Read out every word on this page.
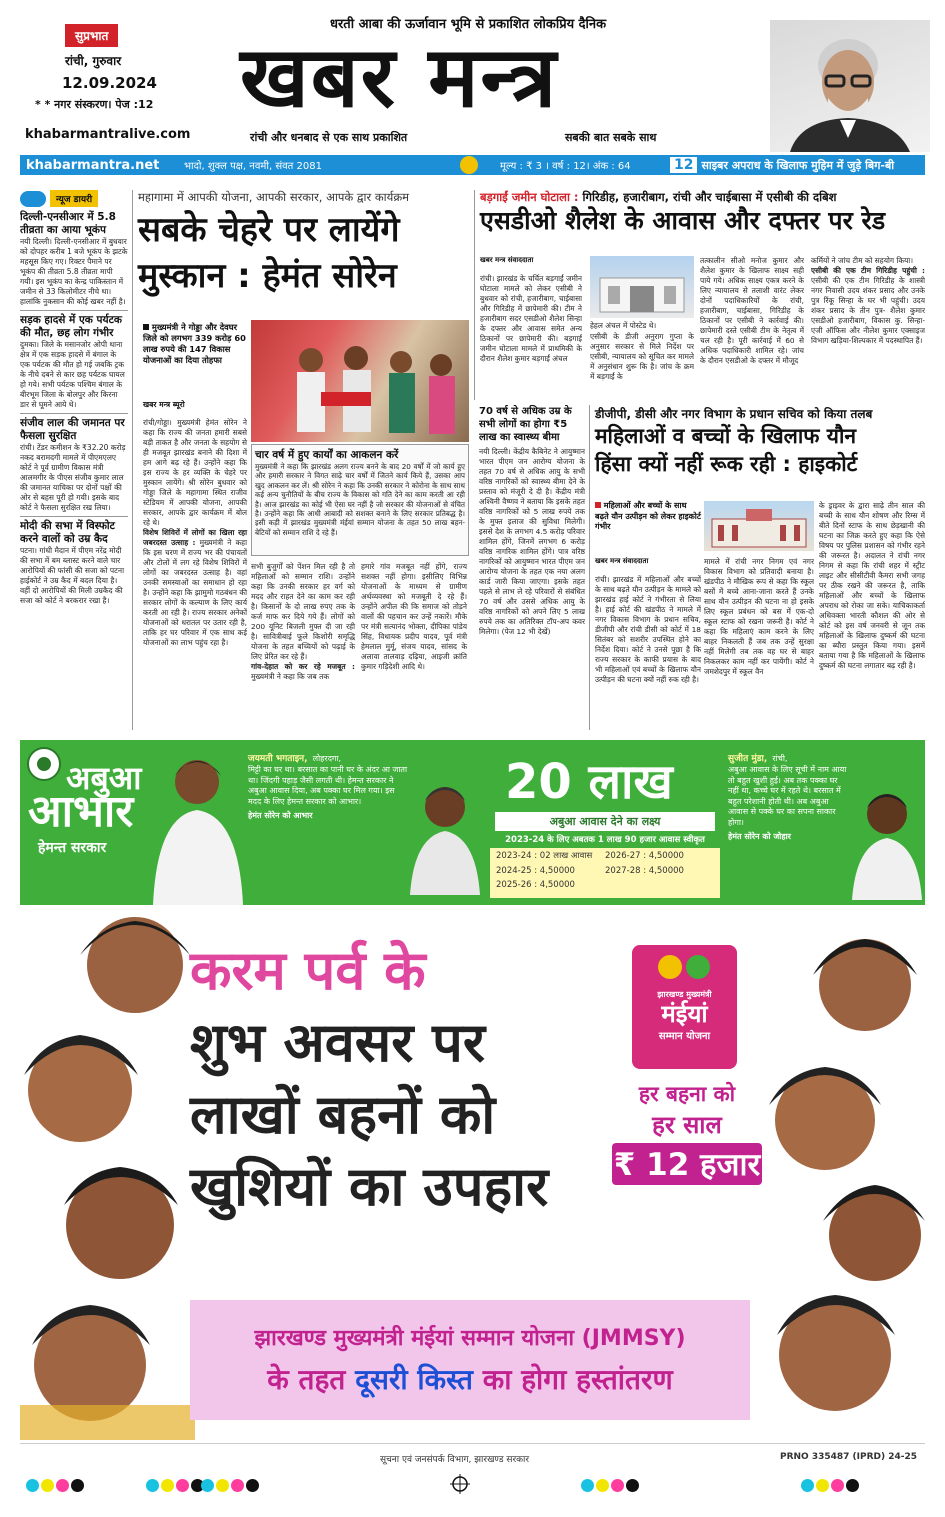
सुप्रभात
रांची, गुरुवार
12.09.2024
* * नगर संस्करण। पेज :12
khabarmantralive.com
धरती आबा की ऊर्जावान भूमि से प्रकाशित लोकप्रिय दैनिक
खबर मन्त्र
रांची और धनबाद से एक साथ प्रकाशित	सबकी बात सबके साथ
khabarmantra.net	भादो, शुक्ल पक्ष, नवमी, संवत 2081	मूल्य : ₹ 3 । वर्ष : 12। अंक : 64	12 साइबर अपराध के खिलाफ मुहिम में जुड़े बिग-बी
न्यूज डायरी
दिल्ली-एनसीआर में 5.8 तीव्रता का आया भूकंप
नयी दिल्ली। दिल्ली-एनसीआर में बुधवार को दोपहर करीब 1 बजे भूकंप के झटके महसूस किए गए। रिक्टर पैमाने पर भूकंप की तीव्रता 5.8 तीव्रता मापी गयी। इस भूकंप का केन्द्र पाकिस्तान में जमीन से 33 किलोमीटर नीचे था। हालांकि नुकसान की कोई खबर नहीं है।
सड़क हादसे में एक पर्यटक की मौत, छह लोग गंभीर
दुमका। जिले के मसानजोर ओपी थाना क्षेत्र में एक सड़क हादसे में बंगाल के एक पर्यटक की मौत हो गई जबकि ट्रक के नीचे दबने से कार छह पर्यटक घायल हो गये। सभी पर्यटक पश्चिम बंगाल के बीरभूम जिला के बोलपुर और किरना डार से घूमने आये थे।
संजीव लाल की जमानत पर फैसला सुरक्षित
रांची। टेंडर कमीशन के ₹32.20 करोड़ नकद बरामदगी मामले में पीएमएलए कोर्ट ने पूर्व ग्रामीण विकास मंत्री आलमगीर के पीएस संजीव कुमार लाल की जमानत याचिका पर दोनों पक्षों की ओर से बहस पूरी हो गयी। इसके बाद कोर्ट ने फैसला सुरक्षित रख लिया।
मोदी की सभा में विस्फोट करने वालों को उम्र कैद
पटना। गांधी मैदान में पीएम नरेंद्र मोदी की सभा में बम ब्लास्ट करने वाले चार आरोपियों की फांसी की सजा को पटना हाईकोर्ट ने उम्र कैद में बदल दिया है। वहीं दो आरोपियों की मिली उम्रकैद की सजा को कोर्ट ने बरकरार रखा है।
महागामा में आपकी योजना, आपकी सरकार, आपके द्वार कार्यक्रम
सबके चेहरे पर लायेंगे
मुस्कान : हेमंत सोरेन
मुख्यमंत्री ने गोड्डा और देवघर जिले को लगभग 339 करोड़ 60 लाख रुपये की 147 विकास योजनाओं का दिया तोहफा
खबर मन्त्र ब्यूरो
रांची/गोड्डा। मुख्यमंत्री हेमंत सोरेन ने कहा कि राज्य की जनता हमारी सबसे बड़ी ताकत है और जनता के सहयोग से ही मजबूत झारखंड बनाने की दिशा में हम आगे बढ़ रहे हैं। उन्होंने कहा कि इस राज्य के हर व्यक्ति के चेहरे पर मुस्कान लायेंगे। श्री सोरेन बुधवार को गोड्डा जिले के महागामा स्थित राजीव स्टेडियम में आपकी योजना, आपकी सरकार, आपके द्वार कार्यक्रम में बोल रहे थे।
विशेष शिविरों में लोगों का खिला रहा जबरदस्त उत्साह : मुख्यमंत्री ने कहा कि इस चरण में राज्य भर की पंचायतों और टोलों में लग रहे विशेष शिविरों में लोगों का जबरदस्त उत्साह है। वहां उनकी समस्याओं का समाधान हो रहा है। उन्होंने कहा कि झामुमो गठबंधन की सरकार लोगों के कल्याण के लिए कार्य करती आ रही है। राज्य सरकार अनेकों योजनाओं को धरातल पर उतार रही है, ताकि हर घर परिवार में एक साथ कई योजनाओं का लाभ पहुंच रहा है।
चार वर्ष में हुए कार्यों का आकलन करें
मुख्यमंत्री ने कहा कि झारखंड अलग राज्य बनने के बाद 20 वर्षों में जो कार्य हुए और हमारी सरकार ने विगत साढ़े चार वर्षों में जितने कार्य किये हैं, उसका आप खुद आकलन कर लें। श्री सोरेन ने कहा कि उनकी सरकार ने कोरोना के साथ साथ कई अन्य चुनौतियों के बीच राज्य के विकास को गति देने का काम करती आ रही है। आज झारखंड का कोई भी ऐसा घर नहीं है जो सरकार की योजनाओं से वंचित है। उन्होंने कहा कि आधी आबादी को सशक्त बनाने के लिए सरकार प्रतिबद्ध है। इसी कड़ी में झारखंड मुख्यमंत्री मंईयां सम्मान योजना के तहत 50 लाख बहन-बेटियों को सम्मान राशि दे रहे हैं।
सभी बुजुर्गों को पेंशन मिल रही है तो महिलाओं को सम्मान राशि। उन्होंने कहा कि उनकी सरकार हर वर्ग को मदद और राहत देने का काम कर रही है। किसानों के दो लाख रुपए तक के कर्ज माफ कर दिये गये हैं। लोगों को 200 यूनिट बिजली मुफ्त दी जा रही है। सावित्रीबाई फूले किशोरी समृद्धि योजना के तहत बच्चियों को पढ़ाई के लिए प्रेरित कर रहे हैं।
गांव-देहात को कर रहे मजबूत : मुख्यमंत्री ने कहा कि जब तक
हमारे गांव मजबूत नहीं होंगे, राज्य सशक्त नहीं होगा। इसीलिए विभिन्न योजनाओं के माध्यम से ग्रामीण अर्थव्यवस्था को मजबूती दे रहे हैं। उन्होंने अपील की कि समाज को तोड़ने वालों की पहचान कर उन्हें नकारें। मौके पर मंत्री सत्यानंद भोक्ता, दीपिका पांडेय सिंह, विधायक प्रदीप यादव, पूर्व मंत्री हेमलाल मुर्मू, संजय यादव, सांसद के अलावा तालवाड़ दढ़िया, आइजी क्रांति कुमार गड़िदेशी आदि थे।
बड़गाईं जमीन घोटाला : गिरिडीह, हजारीबाग, रांची और चाईबासा में एसीबी की दबिश
एसडीओ शैलेश के आवास और दफ्तर पर रेड
खबर मन्त्र संवाददाता
रांची। झारखंड के चर्चित बड़गाईं जमीन घोटाला मामले को लेकर एसीबी ने बुधवार को रांची, हजारीबाग, चाईबासा और गिरिडीह में छापेमारी की। टीम ने हजारीबाग सदर एसडीओ शैलेश सिन्हा के दफ्तर और आवास समेत अन्य ठिकानों पर छापेमारी की। बड़गाईं जमीन घोटाला मामले में प्राथमिकी के दौरान शैलेश कुमार बड़गाईं अंचल
हेहल अंचल में पोस्टेड थे।
एसीबी के डीजी अनुराग गुप्ता के अनुसार सरकार से मिले निर्देश पर एसीबी, न्यायालय को सूचित कर मामले में अनुसंधान शुरू कि है। जांच के क्रम में बड़गाईं के
तत्कालीन सीओ मनोज कुमार और शैलेश कुमार के खिलाफ साक्ष्य सही पाये गये। अधिक साक्ष्य एकत्र करने के लिए न्यायालय से तलाशी वारंट लेकर दोनों पदाधिकारियों के रांची, हजारीबाग, चाईबासा, गिरिडीह के ठिकानों पर एसीबी ने कार्रवाई की। छापेमारी दस्ते एसीबी टीम के नेतृत्व में चल रही है। पूरी कार्रवाई में 60 से अधिक पदाधिकारी शामिल रहे। जांच के दौरान एसडीओ के दफ्तर में मौजूद
कर्मियों ने जांच टीम को सहयोग किया।
एसीबी की एक टीम गिरिडीह पहुंची : एसीबी की एक टीम गिरिडीह के शास्त्री नगर निवासी उदय शंकर प्रसाद और उनके पुत्र रिंकू सिन्हा के घर भी पहुंची। उदय शंकर प्रसाद के तीन पुत्र- शैलेश कुमार एसडीओ हजारीबाग, विकास कु. सिन्हा- एजी ऑफिस और नीलेश कुमार एक्साइज विभाग खड़िया-शिल्पकार में पदस्थापित हैं।
70 वर्ष से अधिक उम्र के सभी लोगों का होगा ₹5 लाख का स्वास्थ्य बीमा
नयी दिल्ली। केंद्रीय कैबिनेट ने आयुष्मान भारत पीएम जन आरोग्य योजना के तहत 70 वर्ष से अधिक आयु के सभी वरिष्ठ नागरिकों को स्वास्थ्य बीमा देने के प्रस्ताव को मंजूरी दे दी है। केंद्रीय मंत्री अश्विनी वैष्णव ने बताया कि इसके तहत वरिष्ठ नागरिकों को 5 लाख रुपये तक के मुफ्त इलाज की सुविधा मिलेगी। इससे देश के लगभग 4.5 करोड़ परिवार शामिल होंगे, जिनमें लगभग 6 करोड़ वरिष्ठ नागरिक शामिल होंगे। पात्र वरिष्ठ नागरिकों को आयुष्मान भारत पीएम जन आरोग्य योजना के तहत एक नया अलग कार्ड जारी किया जाएगा। इसके तहत पहले से लाभ ले रहे परिवारों से संबंधित 70 वर्ष और उससे अधिक आयु के वरिष्ठ नागरिकों को अपने लिए 5 लाख रुपये तक का अतिरिक्त टॉप-अप कवर मिलेगा। (पेज 12 भी देखें)
डीजीपी, डीसी और नगर विभाग के प्रधान सचिव को किया तलब
महिलाओं व बच्चों के खिलाफ यौन
हिंसा क्यों नहीं रूक रही : हाइकोर्ट
महिलाओं और बच्चों के साथ बढ़ते यौन उत्पीड़न को लेकर हाइकोर्ट गंभीर
खबर मन्त्र संवाददाता
रांची। झारखंड में महिलाओं और बच्चों के साथ बढ़ते यौन उत्पीड़न के मामले को झारखंड हाई कोर्ट ने गंभीरता से लिया है। हाई कोर्ट की खंडपीठ ने मामले में नगर विकास विभाग के प्रधान सचिव, डीजीपी और रांची डीसी को कोर्ट में 18 सितंबर को सशरीर उपस्थित होने का निर्देश दिया। कोर्ट ने उनसे पूछा है कि राज्य सरकार के काफी प्रयास के बाद भी महिलाओं एवं बच्चों के खिलाफ यौन उत्पीड़न की घटना क्यों नहीं रुक रही है।
मामले में रांची नगर निगम एवं नगर विकास विभाग को प्रतिवादी बनाया है। खंडपीठ ने मौखिक रूप से कहा कि स्कूल बसों में बच्चे आना-जाना करते हैं उनके साथ यौन उत्पीड़न की घटना ना हो इसके लिए स्कूल प्रबंधन को बस में एक-दो स्कूल स्टाफ को रखना जरूरी है। कोर्ट ने कहा कि महिलाएं काम करने के लिए बाहर निकलती हैं जब तक उन्हें सुरक्षा नहीं मिलेगी तब तक वह घर से बाहर निकलकर काम नहीं कर पायेंगी। कोर्ट ने जमशेदपुर में स्कूल वैन
के ड्राइवर के द्वारा साढ़े तीन साल की बच्ची के साथ यौन शोषण और रिम्स में बीते दिनों स्टाफ के साथ छेड़खानी की घटना का जिक्र करते हुए कहा कि ऐसे विषय पर पुलिस प्रशासन को गंभीर रहने की जरूरत है। अदालत ने रांची नगर निगम से कहा कि रांची शहर में स्ट्रीट लाइट और सीसीटीवी कैमरा सभी जगह पर ठीक रखने की जरूरत है, ताकि महिलाओं और बच्चों के खिलाफ अपराध को रोका जा सके। याचिकाकर्ता अधिवक्ता भारती कौशल की ओर से कोर्ट को इस वर्ष जनवरी से जून तक महिलाओं के खिलाफ दुष्कर्म की घटना का ब्यौरा प्रस्तुत किया गया। इसमें बताया गया है कि महिलाओं के खिलाफ दुष्कर्म की घटना लगातार बढ़ रही है।
अबुआ
आभार
हेमन्त सरकार
जयमती भगताइन, लोहरदगा,
मिट्टी का घर था। बरसात का पानी घर के अंदर आ जाता था। जिंदगी पहाड़ जैसी लगती थी। हेमन्त सरकार ने अबुआ आवास दिया, अब पक्का घर मिल गया। इस मदद के लिए हेमन्त सरकार को आभार।
हेमंत सोरेन को आभार
20 लाख
अबुआ आवास देने का लक्ष्य
2023-24 के लिए अबतक 1 लाख 90 हजार आवास स्वीकृत
2023-24 : 02 लाख आवास	2026-27 : 4,50000
2024-25 : 4,50000	2027-28 : 4,50000
2025-26 : 4,50000
सुजीत मुंडा, रांची,
अबुआ आवास के लिए सूची में नाम आया तो बहुत खुशी हुई। अब तक पक्का घर नहीं था, कच्चे घर में रहते थे। बरसात में बहुत परेशानी होती थी। अब अबुआ आवास से पक्के घर का सपना साकार होगा।
हेमंत सोरेन को जोहार
करम पर्व के
शुभ अवसर पर
लाखों बहनों को
खुशियों का उपहार
झारखण्ड मुख्यमंत्री
मंईयां
सम्मान योजना
हर बहना को
हर साल
₹ 12 हजार
झारखण्ड मुख्यमंत्री मंईयां सम्मान योजना (JMMSY)
के तहत दूसरी किस्त का होगा हस्तांतरण
सूचना एवं जनसंपर्क विभाग, झारखण्ड सरकार	PRNO 335487 (IPRD) 24-25
